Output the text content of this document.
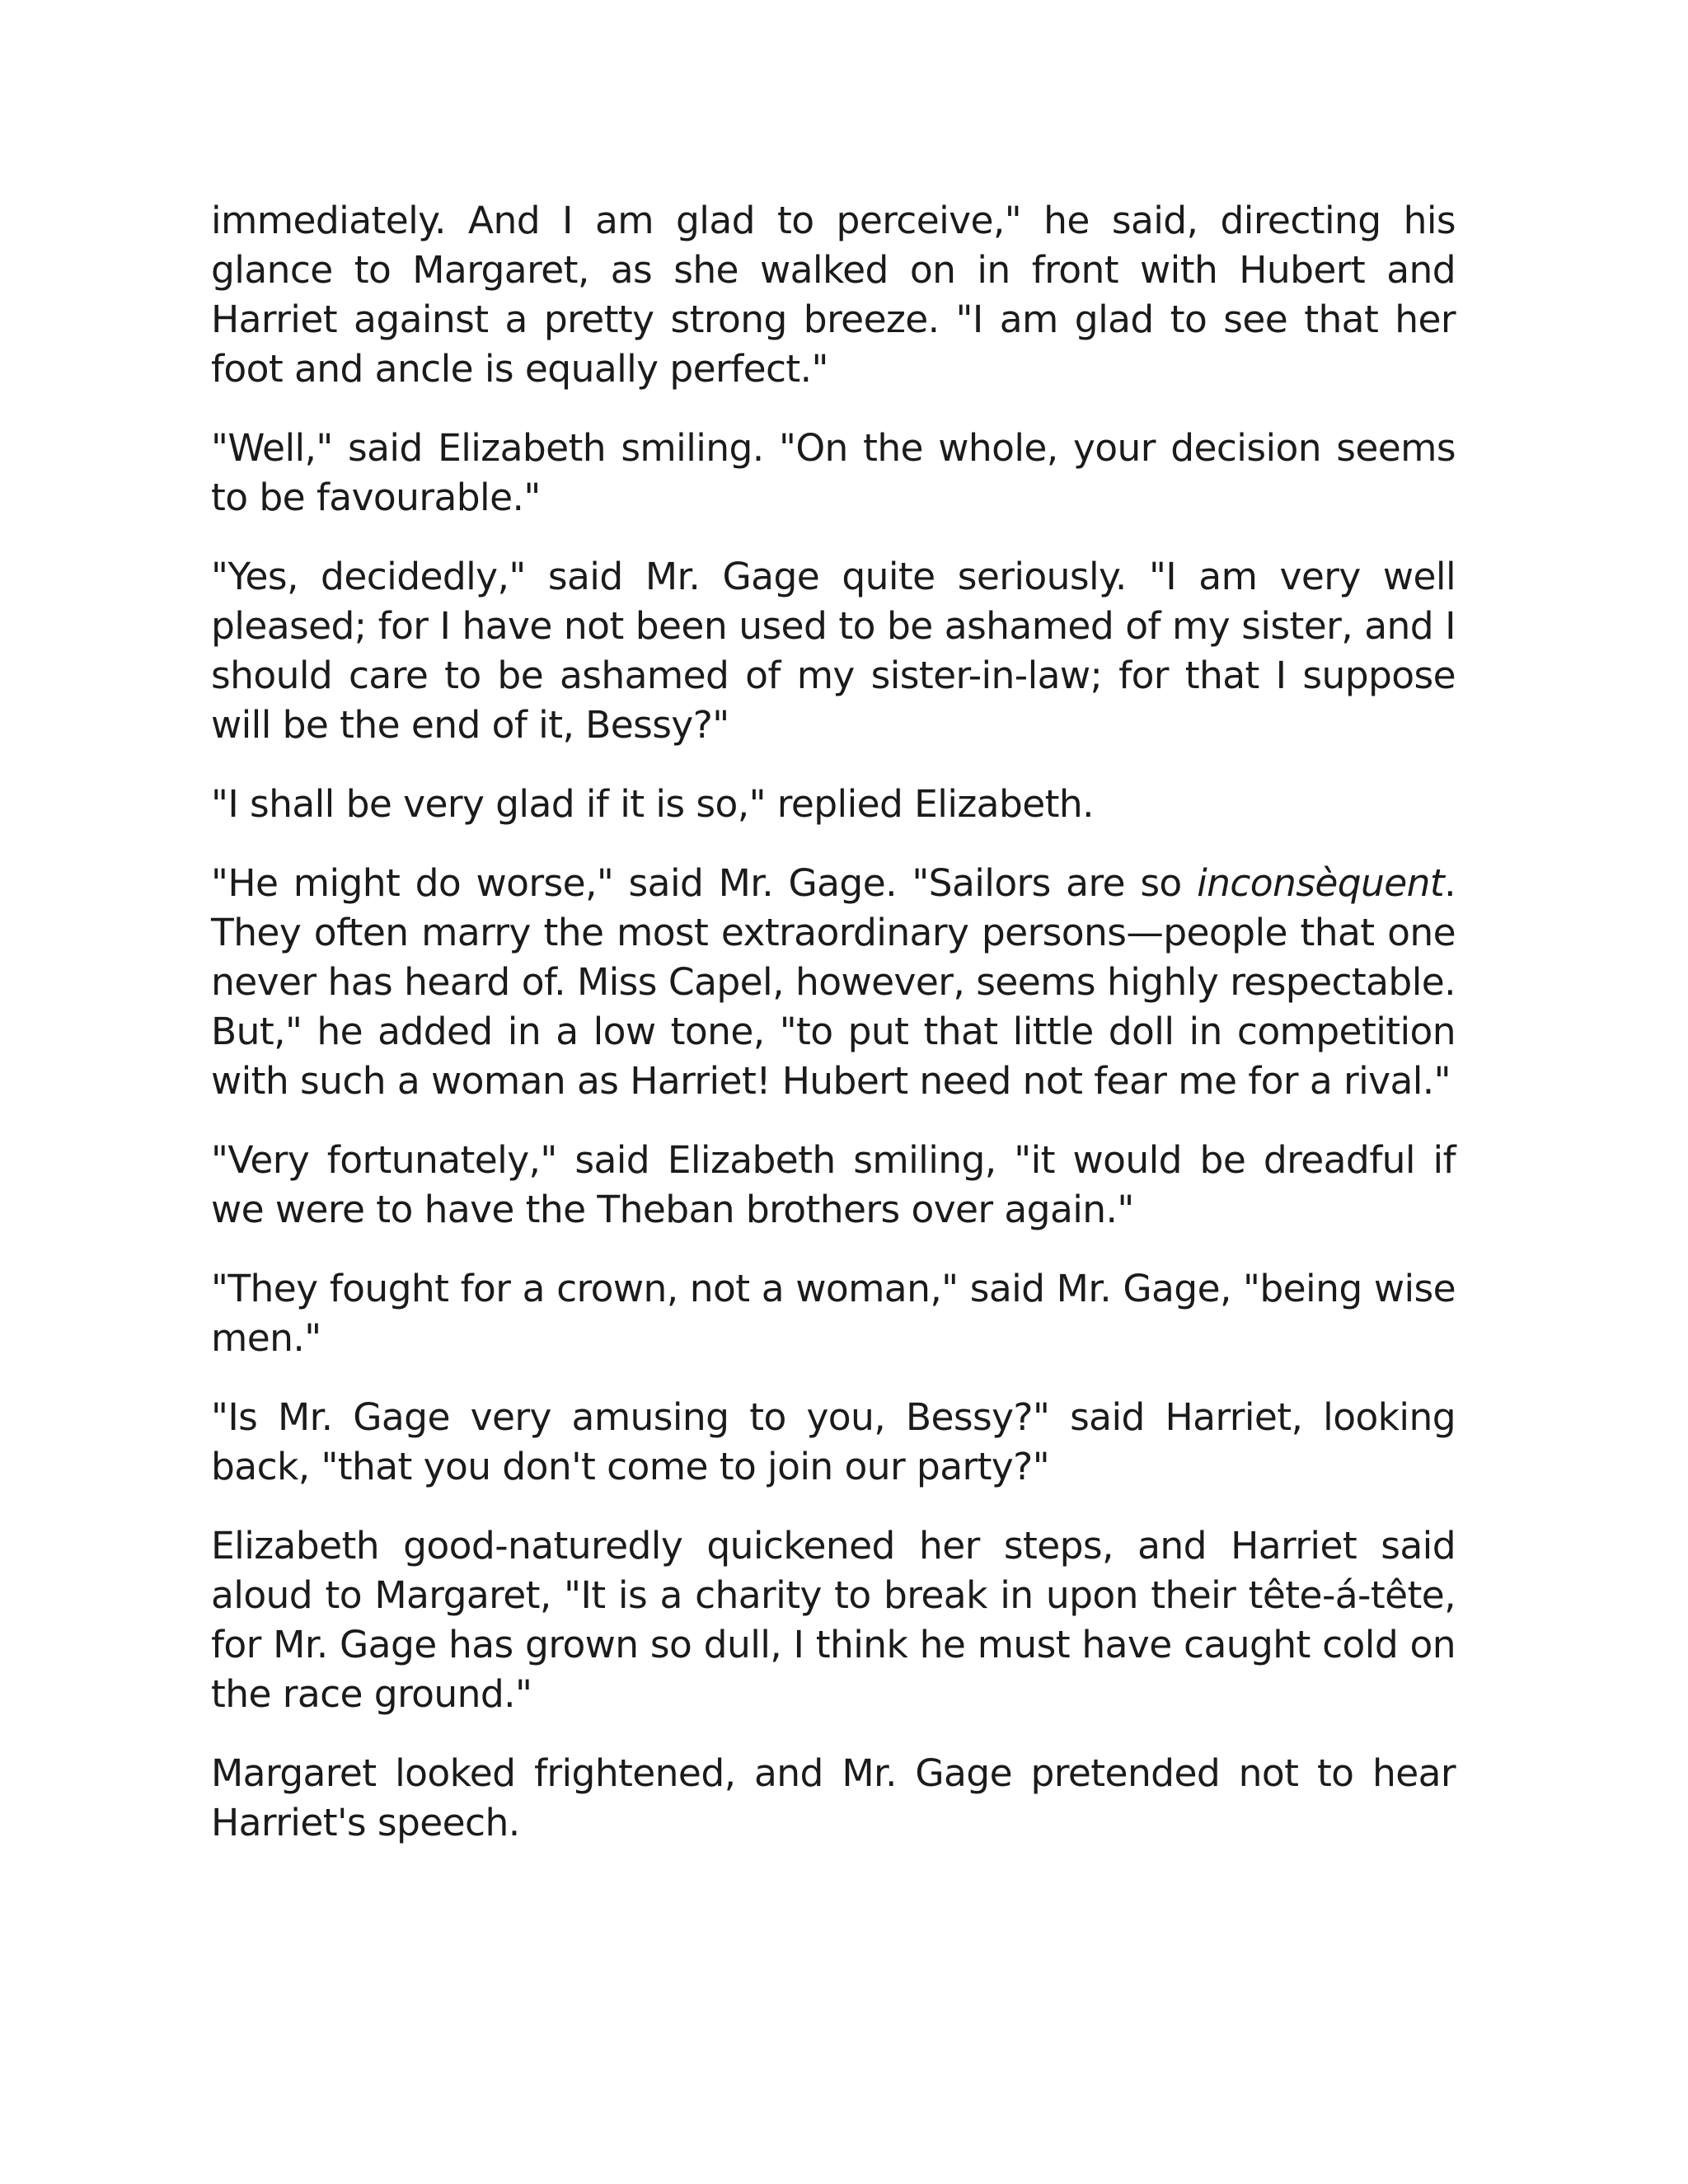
immediately. And I am glad to perceive," he said, directing his glance to Margaret, as she walked on in front with Hubert and Harriet against a pretty strong breeze. "I am glad to see that her foot and ancle is equally perfect."

"Well," said Elizabeth smiling. "On the whole, your decision seems to be favourable."

"Yes, decidedly," said Mr. Gage quite seriously. "I am very well pleased; for I have not been used to be ashamed of my sister, and I should care to be ashamed of my sister-in-law; for that I suppose will be the end of it, Bessy?"

"I shall be very glad if it is so," replied Elizabeth.

"He might do worse," said Mr. Gage. "Sailors are so inconsèquent. They often marry the most extraordinary persons—people that one never has heard of. Miss Capel, however, seems highly respectable. But," he added in a low tone, "to put that little doll in competition with such a woman as Harriet! Hubert need not fear me for a rival."

"Very fortunately," said Elizabeth smiling, "it would be dreadful if we were to have the Theban brothers over again."

"They fought for a crown, not a woman," said Mr. Gage, "being wise men."

"Is Mr. Gage very amusing to you, Bessy?" said Harriet, looking back, "that you don't come to join our party?"

Elizabeth good-naturedly quickened her steps, and Harriet said aloud to Margaret, "It is a charity to break in upon their tête-á-tête, for Mr. Gage has grown so dull, I think he must have caught cold on the race ground."

Margaret looked frightened, and Mr. Gage pretended not to hear Harriet's speech.
